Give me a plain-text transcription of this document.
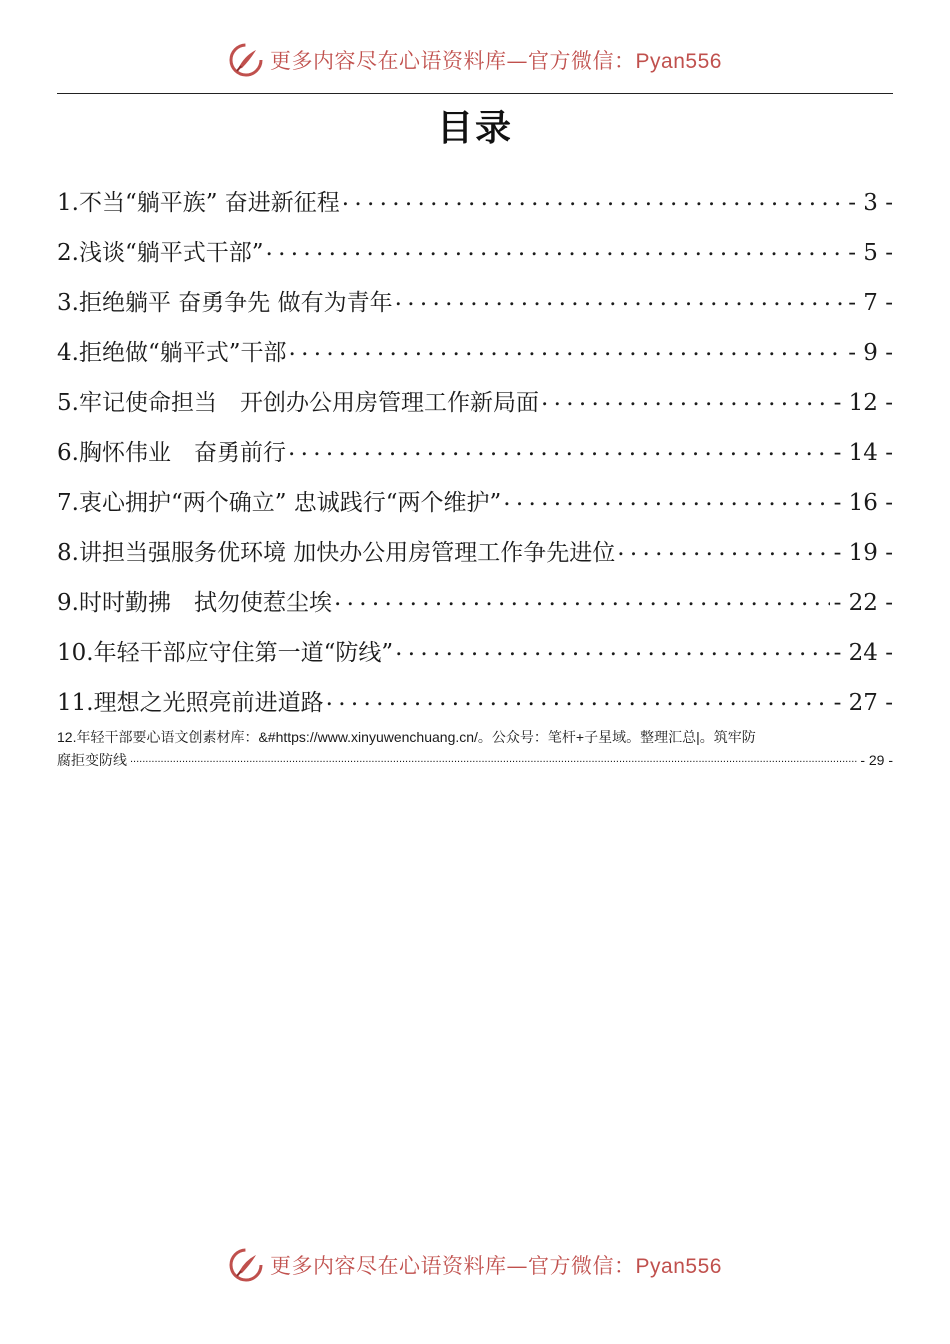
更多内容尽在心语资料库—官方微信：Pyan556
目录
1.不当“躺平族” 奋进新征程 . . .	- 3 -
2.浅谈“躺平式干部” . . .	- 5 -
3.拒绝躺平 奋勇争先 做有为青年 . . .	- 7 -
4.拒绝做“躺平式”干部 . . .	- 9 -
5.牢记使命担当　开创办公用房管理工作新局面 . . .	- 12 -
6.胸怀伟业　奋勇前行 . . .	- 14 -
7.衷心拥护“两个确立” 忠诚践行“两个维护” . . .	- 16 -
8.讲担当强服务优环境 加快办公用房管理工作争先进位 . . .	- 19 -
9.时时勤拂　拭勿使惹尘埃 . . .	- 22 -
10.年轻干部应守住第一道“防线” . . .	- 24 -
11.理想之光照亮前进道路 . . .	- 27 -
12.年轻干部要心语文创素材库：&#https://www.xinyuwenchuang.cn/。公众号：笔杆+子星域。整理汇总|。筑牢防
腐拒变防线 .....	- 29 -
更多内容尽在心语资料库—官方微信：Pyan556
